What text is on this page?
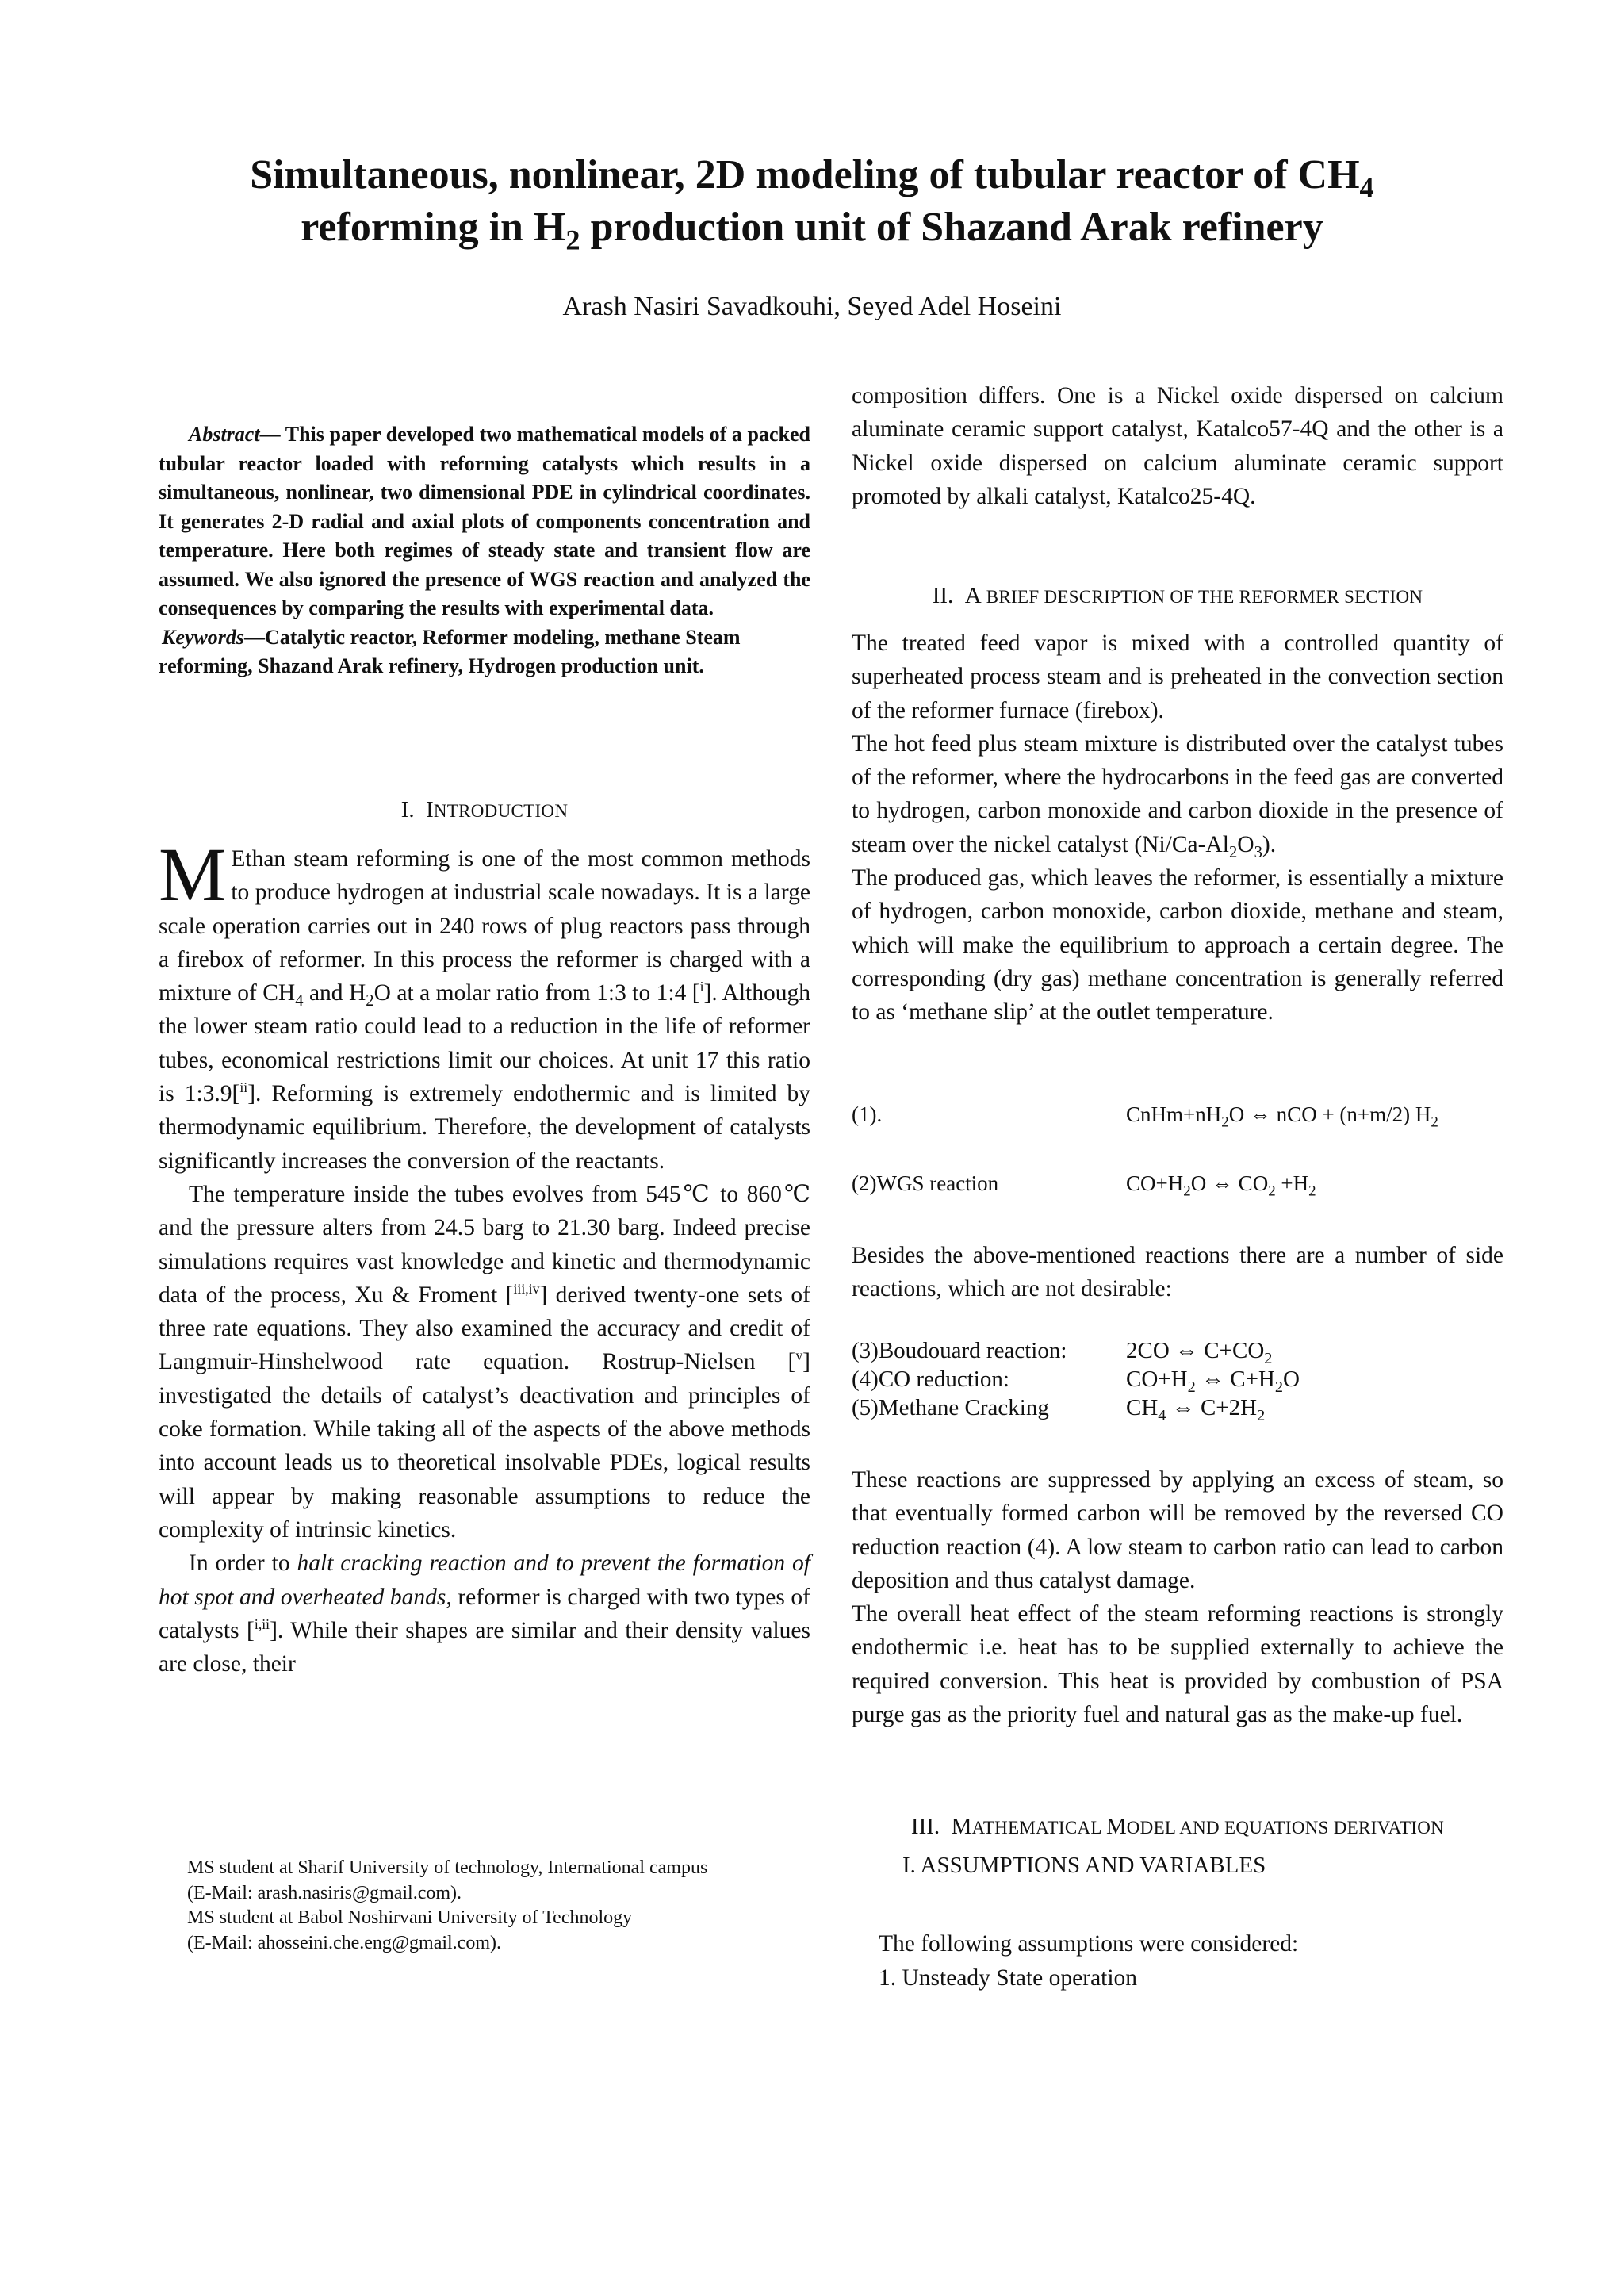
Simultaneous, nonlinear, 2D modeling of tubular reactor of $CH_4$
reforming in $H_2$ production unit of Shazand Arak refinery
Arash Nasiri Savadkouhi, Seyed Adel Hoseini

Abstract— This paper developed two mathematical models of a packed tubular reactor loaded with reforming catalysts which results in a simultaneous, nonlinear, two dimensional PDE in cylindrical coordinates. It generates 2-D radial and axial plots of components concentration and temperature. Here both regimes of steady state and transient flow are assumed. We also ignored the presence of WGS reaction and analyzed the consequences by comparing the results with experimental data.

Keywords—Catalytic reactor, Reformer modeling, methane Steam reforming, Shazand Arak refinery, Hydrogen production unit.

I. INTRODUCTION

M Ethan steam reforming is one of the most common methods to produce hydrogen at industrial scale nowadays. It is a large scale operation carries out in 240 rows of plug reactors pass through a firebox of reformer. In this process the reformer is charged with a mixture of $CH_4$ and $H_2O$ at a molar ratio from 1:3 to 1:4 [$^i$]. Although the lower steam ratio could lead to a reduction in the life of reformer tubes, economical restrictions limit our choices. At unit 17 this ratio is 1:3.9[$^{ii}$]. Reforming is extremely endothermic and is limited by thermodynamic equilibrium. Therefore, the development of catalysts significantly increases the conversion of the reactants.

The temperature inside the tubes evolves from 545℃ to 860℃ and the pressure alters from 24.5 barg to 21.30 barg. Indeed precise simulations requires vast knowledge and kinetic and thermodynamic data of the process, Xu & Froment [$^{iii,iv}$] derived twenty-one sets of three rate equations. They also examined the accuracy and credit of Langmuir-Hinshelwood rate equation. Rostrup-Nielsen [$^v$] investigated the details of catalyst’s deactivation and principles of coke formation. While taking all of the aspects of the above methods into account leads us to theoretical insolvable PDEs, logical results will appear by making reasonable assumptions to reduce the complexity of intrinsic kinetics.

In order to halt cracking reaction and to prevent the formation of hot spot and overheated bands, reformer is charged with two types of catalysts [$^{i,ii}$]. While their shapes are similar and their density values are close, their

MS student at Sharif University of technology, International campus
(E-Mail: arash.nasiris@gmail.com).
MS student at Babol Noshirvani University of Technology
(E-Mail: ahosseini.che.eng@gmail.com).

composition differs. One is a Nickel oxide dispersed on calcium aluminate ceramic support catalyst, Katalco57-4Q and the other is a Nickel oxide dispersed on calcium aluminate ceramic support promoted by alkali catalyst, Katalco25-4Q.

II. A BRIEF DESCRIPTION OF THE REFORMER SECTION

The treated feed vapor is mixed with a controlled quantity of superheated process steam and is preheated in the convection section of the reformer furnace (firebox).

The hot feed plus steam mixture is distributed over the catalyst tubes of the reformer, where the hydrocarbons in the feed gas are converted to hydrogen, carbon monoxide and carbon dioxide in the presence of steam over the nickel catalyst $(Ni/Ca-Al_2O_3)$.

The produced gas, which leaves the reformer, is essentially a mixture of hydrogen, carbon monoxide, carbon dioxide, methane and steam, which will make the equilibrium to approach a certain degree. The corresponding (dry gas) methane concentration is generally referred to as ‘methane slip’ at the outlet temperature.

(1).	$CnHm+nH_2O$ ⇔ nCO + (n+m/2) $H_2$
(2)WGS reaction	$CO+H_2O$ ⇔ $CO_2 +H_2$

Besides the above-mentioned reactions there are a number of side reactions, which are not desirable:

(3)Boudouard reaction:	2CO ⇔ $C+CO_2$
(4)CO reduction:	$CO+H_2$ ⇔ $C+H_2O$
(5)Methane Cracking	$CH_4$ ⇔ $C+2H_2$

These reactions are suppressed by applying an excess of steam, so that eventually formed carbon will be removed by the reversed CO reduction reaction (4). A low steam to carbon ratio can lead to carbon deposition and thus catalyst damage.

The overall heat effect of the steam reforming reactions is strongly endothermic i.e. heat has to be supplied externally to achieve the required conversion. This heat is provided by combustion of PSA purge gas as the priority fuel and natural gas as the make-up fuel.

III. MATHEMATICAL MODEL AND EQUATIONS DERIVATION
I. ASSUMPTIONS AND VARIABLES
The following assumptions were considered:
1. Unsteady State operation
